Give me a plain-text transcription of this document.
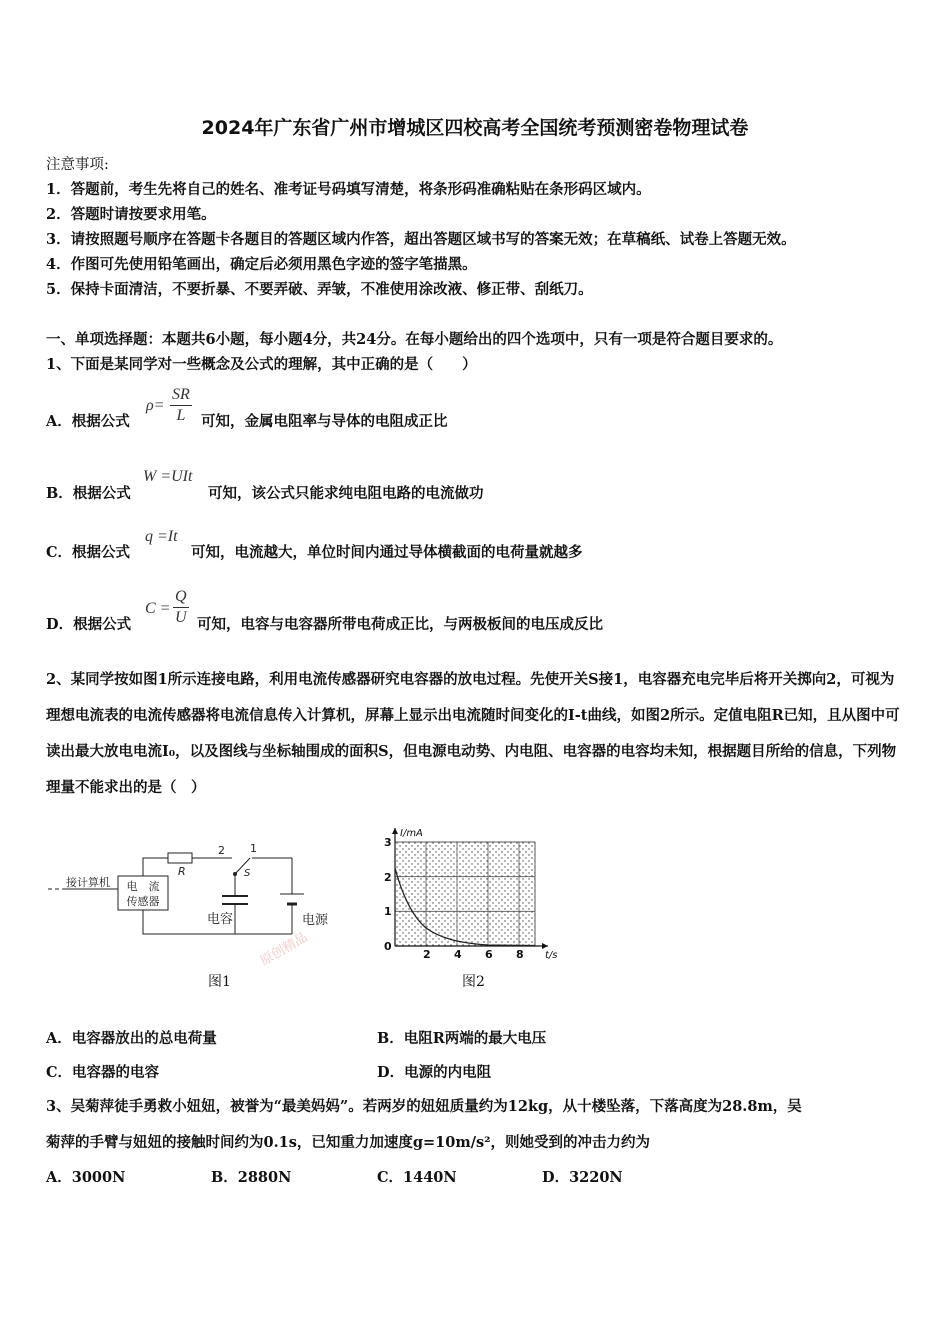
2024年广东省广州市增城区四校高考全国统考预测密卷物理试卷
注意事项:
1．答题前，考生先将自己的姓名、准考证号码填写清楚，将条形码准确粘贴在条形码区域内。
2．答题时请按要求用笔。
3．请按照题号顺序在答题卡各题目的答题区域内作答，超出答题区域书写的答案无效；在草稿纸、试卷上答题无效。
4．作图可先使用铅笔画出，确定后必须用黑色字迹的签字笔描黑。
5．保持卡面清洁，不要折暴、不要弄破、弄皱，不准使用涂改液、修正带、刮纸刀。
一、单项选择题：本题共6小题，每小题4分，共24分。在每小题给出的四个选项中，只有一项是符合题目要求的。
1、下面是某同学对一些概念及公式的理解，其中正确的是（　　）
A．根据公式
ρ=
SR
L 可知，金属电阻率与导体的电阻成正比
B．根据公式
W =UIt
可知，该公式只能求纯电阻电路的电流做功
C．根据公式
q =It
可知，电流越大，单位时间内通过导体横截面的电荷量就越多
D．根据公式
C =
Q
U 可知，电容与电容器所带电荷成正比，与两极板间的电压成反比
2、某同学按如图1所示连接电路，利用电流传感器研究电容器的放电过程。先使开关S接1，电容器充电完毕后将开关掷向2，可视为理想电流表的电流传感器将电流信息传入计算机，屏幕上显示出电流随时间变化的I-t曲线，如图2所示。定值电阻R已知，且从图中可读出最大放电电流I₀，以及图线与坐标轴围成的面积S，但电源电动势、内电阻、电容器的电容均未知，根据题目所给的信息，下列物理量不能求出的是（　）
接计算机 电　流
传感器
R
2 1
S
电容	电源
原创精品
图1
I/mA
t/s
3
2
1
0
2 4 6 8
图2
A．电容器放出的总电荷量	B．电阻R两端的最大电压
C．电容器的电容	D．电源的内电阻
3、吴菊萍徒手勇救小妞妞，被誉为“最美妈妈”。若两岁的妞妞质量约为12kg，从十楼坠落，下落高度为28.8m，吴
菊萍的手臂与妞妞的接触时间约为0.1s，已知重力加速度g=10m/s²，则她受到的冲击力约为
A．3000N	B．2880N	C．1440N	D．3220N
